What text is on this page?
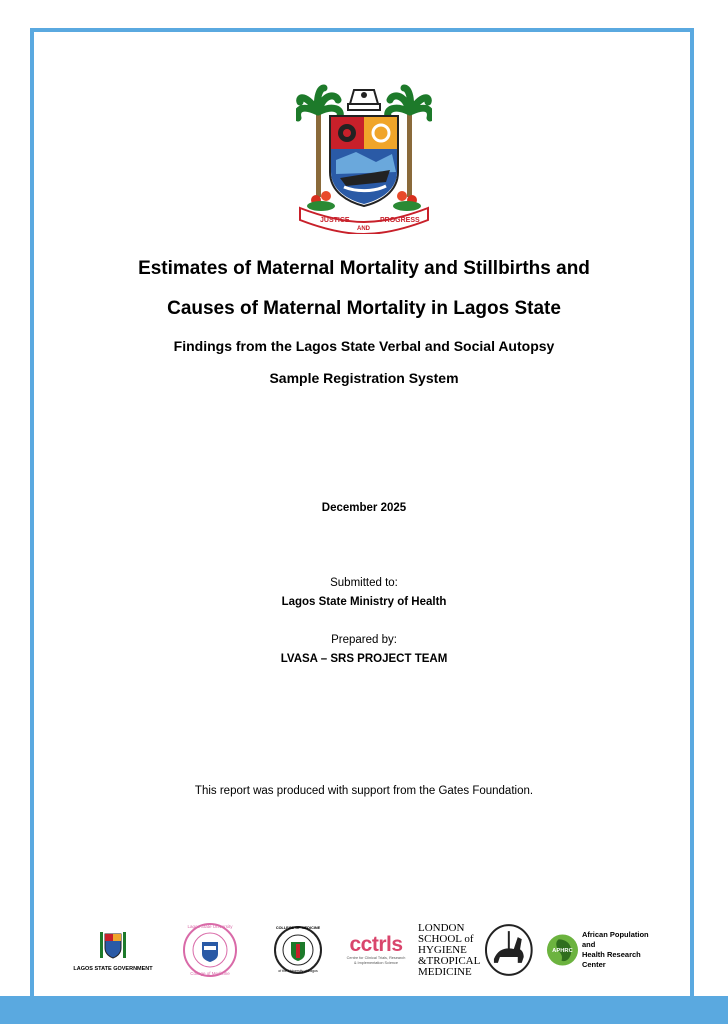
JUSTICE
AND
PROGRESS
Estimates of Maternal Mortality and Stillbirths and
Causes of Maternal Mortality in Lagos State
Findings from the Lagos State Verbal and Social Autopsy
Sample Registration System
December 2025
Submitted to:
Lagos State Ministry of Health
Prepared by:
LVASA – SRS PROJECT TEAM
This report was produced with support from the Gates Foundation.
LAGOS STATE GOVERNMENT
Lagos State University
College of Medicine
COLLEGE OF MEDICINE
of the University of Lagos
cctrls
Centre for Clinical Trials, Research
& Implementation Science
LONDON
SCHOOL of
HYGIENE
&TROPICAL
MEDICINE
APHRC
African Population and
Health Research Center
